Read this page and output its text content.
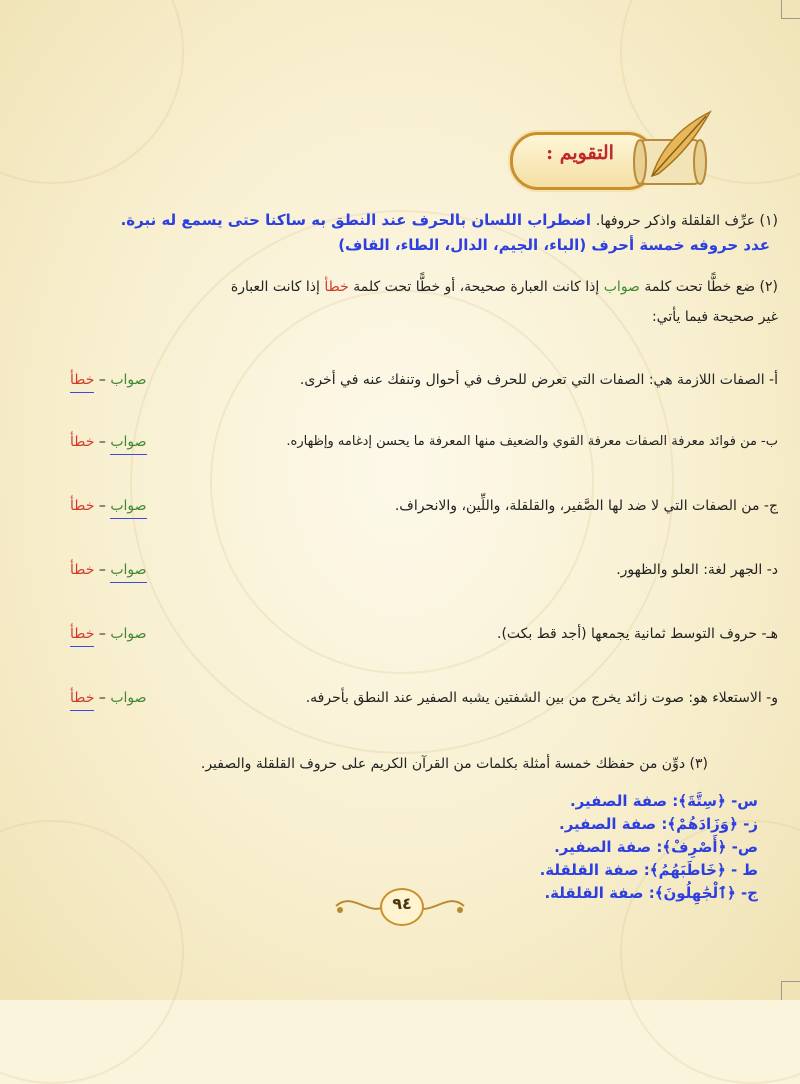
التقويم :
(١) عرِّف القلقلة واذكر حروفها. اضطراب اللسان بالحرف عند النطق به ساكنا حتى يسمع له نبرة.
عدد حروفه خمسة أحرف (الباء، الجيم، الدال، الطاء، القاف)
(٢) ضع خطًّا تحت كلمة صواب إذا كانت العبارة صحيحة، أو خطًّا تحت كلمة خطأ إذا كانت العبارة
غير صحيحة فيما يأتي:
أ- الصفات اللازمة هي: الصفات التي تعرض للحرف في أحوال وتنفك عنه في أخرى.
صواب – خطأ
ب- من فوائد معرفة الصفات معرفة القوي والضعيف منها المعرفة ما يحسن إدغامه وإظهاره.
صواب – خطأ
ج- من الصفات التي لا ضد لها الصَّفير، والقلقلة، واللِّين، والانحراف.
صواب – خطأ
د- الجهر لغة: العلو والظهور.
صواب – خطأ
هـ- حروف التوسط ثمانية يجمعها (أجد قط بكت).
صواب – خطأ
و- الاستعلاء هو: صوت زائد يخرج من بين الشفتين يشبه الصفير عند النطق بأحرفه.
صواب – خطأ
(٣) دوِّن من حفظك خمسة أمثلة بكلمات من القرآن الكريم على حروف القلقلة والصفير.
س- ﴿سِتَّةَ﴾: صفة الصفير.
ز- ﴿وَزَادَهُمْ﴾: صفة الصفير.
ص- ﴿أَصْرِفْ﴾: صفة الصفير.
ط - ﴿خَاطَبَهُمُ﴾: صفة القلقلة.
ج- ﴿ٱلْجَٰهِلُونَ﴾: صفة القلقلة.
٩٤
